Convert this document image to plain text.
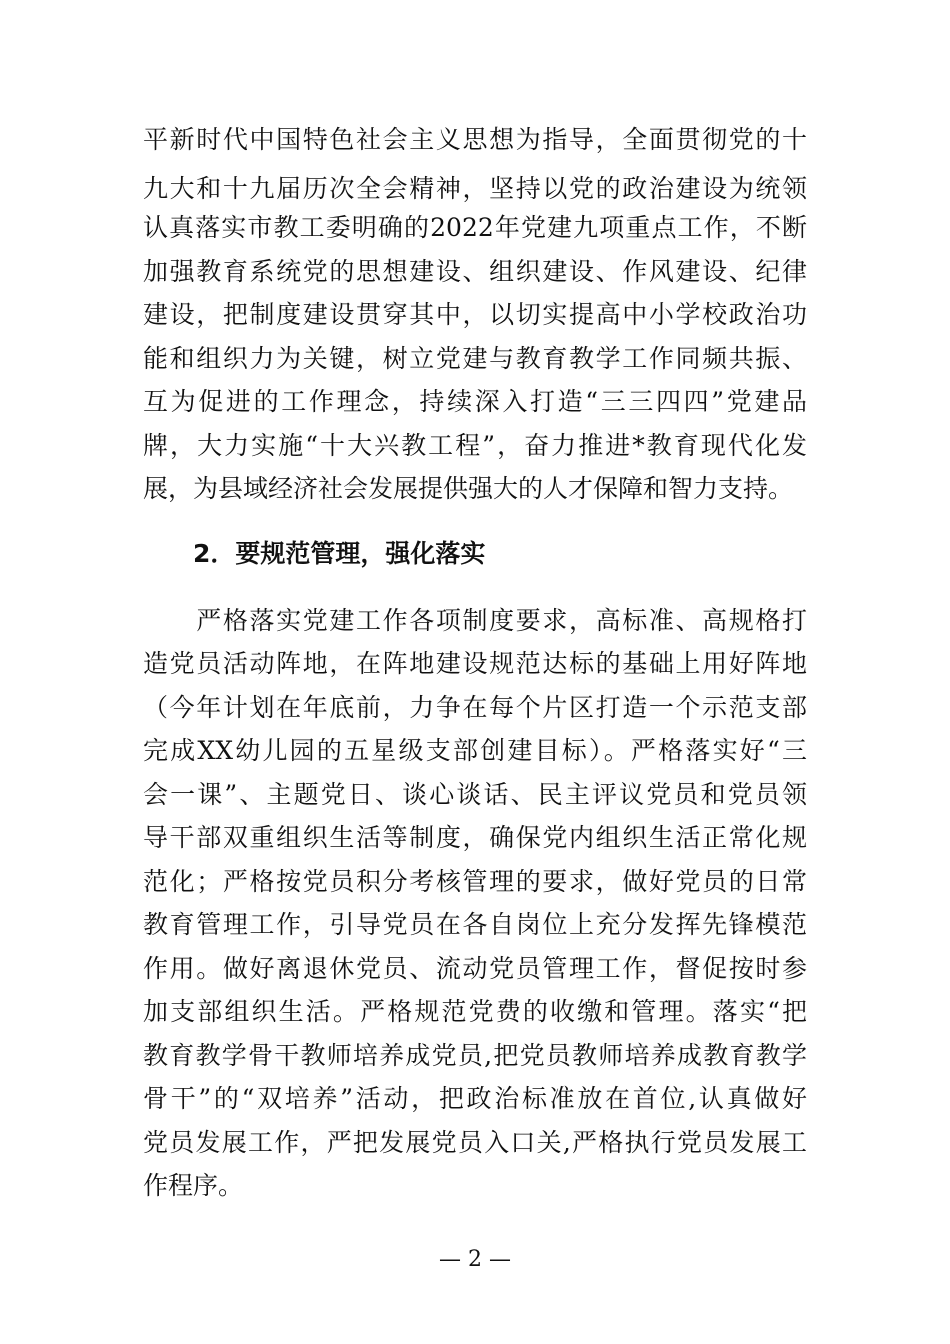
平新时代中国特色社会主义思想为指导，全面贯彻党的十
九大和十九届历次全会精神，坚持以党的政治建设为统领
认真落实市教工委明确的2022年党建九项重点工作，不断
加强教育系统党的思想建设、组织建设、作风建设、纪律
建设，把制度建设贯穿其中，以切实提高中小学校政治功
能和组织力为关键，树立党建与教育教学工作同频共振、
互为促进的工作理念，持续深入打造“三三四四”党建品
牌，大力实施“十大兴教工程”，奋力推进*教育现代化发
展，为县域经济社会发展提供强大的人才保障和智力支持。
2．要规范管理，强化落实
　　严格落实党建工作各项制度要求，高标准、高规格打
造党员活动阵地，在阵地建设规范达标的基础上用好阵地
（今年计划在年底前，力争在每个片区打造一个示范支部
完成XX幼儿园的五星级支部创建目标）。严格落实好“三
会一课”、主题党日、谈心谈话、民主评议党员和党员领
导干部双重组织生活等制度，确保党内组织生活正常化规
范化；严格按党员积分考核管理的要求，做好党员的日常
教育管理工作，引导党员在各自岗位上充分发挥先锋模范
作用。做好离退休党员、流动党员管理工作，督促按时参
加支部组织生活。严格规范党费的收缴和管理。落实“把
教育教学骨干教师培养成党员,把党员教师培养成教育教学
骨干”的“双培养”活动，把政治标准放在首位,认真做好
党员发展工作，严把发展党员入口关,严格执行党员发展工
作程序。
— 2 —
